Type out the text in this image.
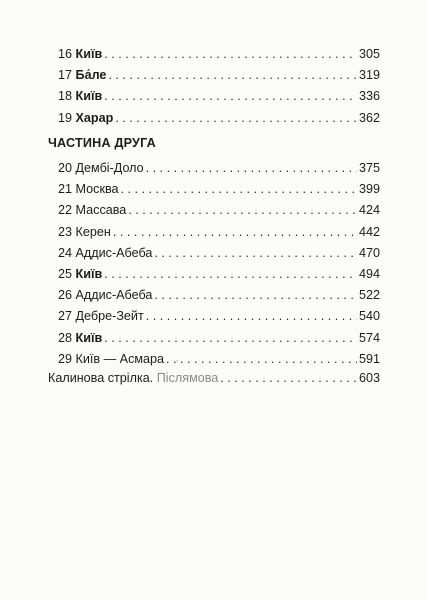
16 Київ . . .	305
17 Ба́ле . . .	319
18 Київ . . .	336
19 Харар . . .	362
ЧАСТИНА ДРУГА
20 Дембі-Доло . . .	375
21 Москва . . .	399
22 Массава . . .	424
23 Керен . . .	442
24 Аддис-Абеба . . .	470
25 Київ . . .	494
26 Аддис-Абеба . . .	522
27 Дебре-Зейт . . .	540
28 Київ . . .	574
29 Київ — Асмара . . .	591
Калинова стрілка. Післямова . . .	603
